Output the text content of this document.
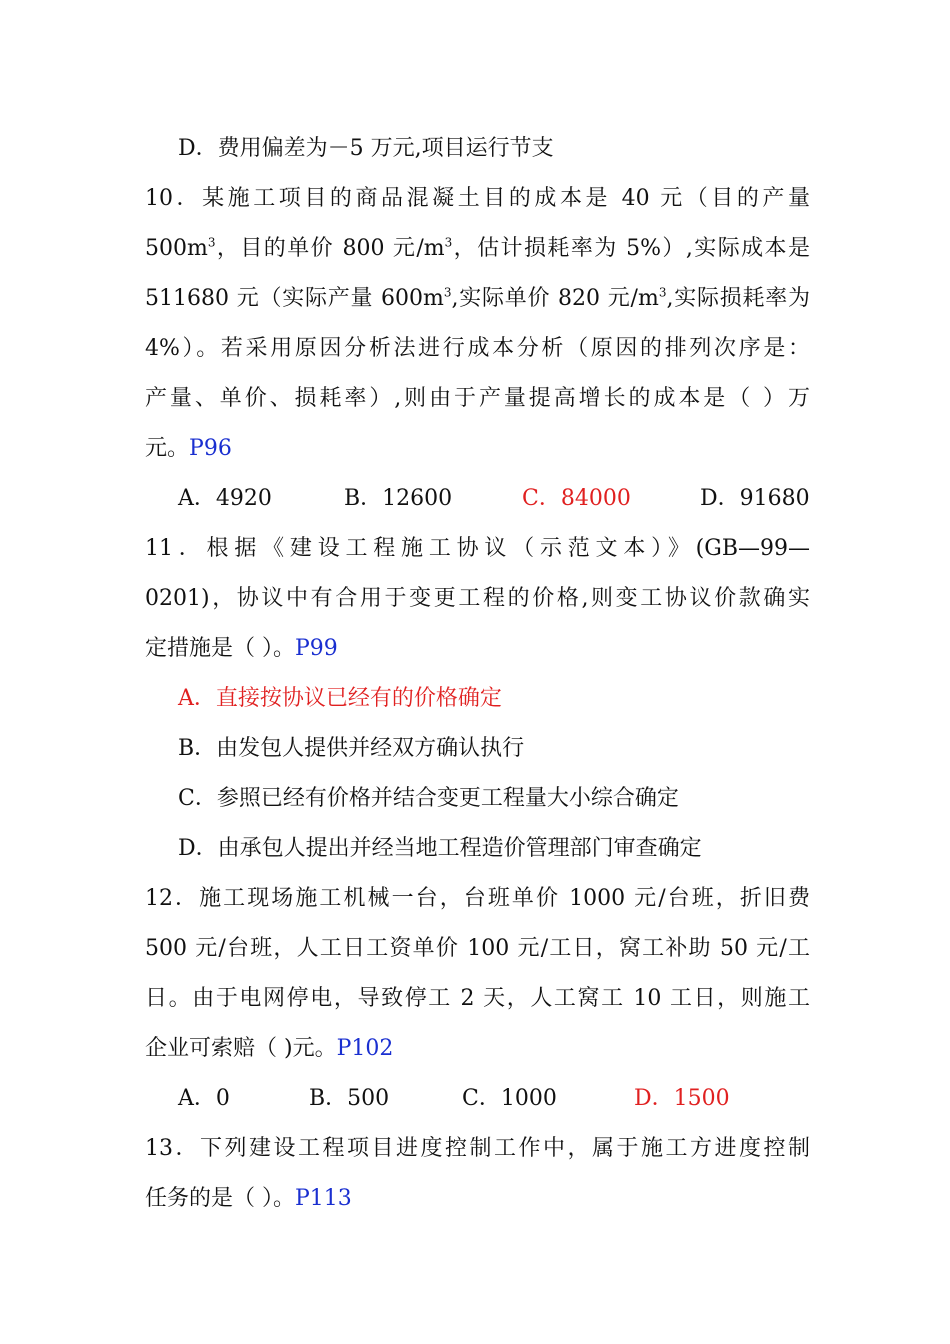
D．费用偏差为－5 万元,项目运行节支
10．某施工项目的商品混凝土目的成本是 40 元（目的产量
$500m^3$，目的单价 800 元$/m^3$，估计损耗率为 5%）,实际成本是
511680 元（实际产量 $600m^3$,实际单价 820 元$/m^3$,实际损耗率为
4%）。若采用原因分析法进行成本分析（原因的排列次序是：
产量、单价、损耗率）,则由于产量提高增长的成本是（ ）万
元。P96
A．4920	B．12600	C．84000	D．91680
11．根据《建设工程施工协议（示范文本）》(GB—99—
0201)，协议中有合用于变更工程的价格,则变工协议价款确实
定措施是（ ）。P99
A．直接按协议已经有的价格确定
B．由发包人提供并经双方确认执行
C．参照已经有价格并结合变更工程量大小综合确定
D．由承包人提出并经当地工程造价管理部门审查确定
12．施工现场施工机械一台，台班单价 1000 元/台班，折旧费
500 元/台班，人工日工资单价 100 元/工日，窝工补助 50 元/工
日。由于电网停电，导致停工 2 天，人工窝工 10 工日，则施工
企业可索赔（ )元。P102
A．0	B．500	C．1000	D．1500
13．下列建设工程项目进度控制工作中，属于施工方进度控制
任务的是（ ）。P113
